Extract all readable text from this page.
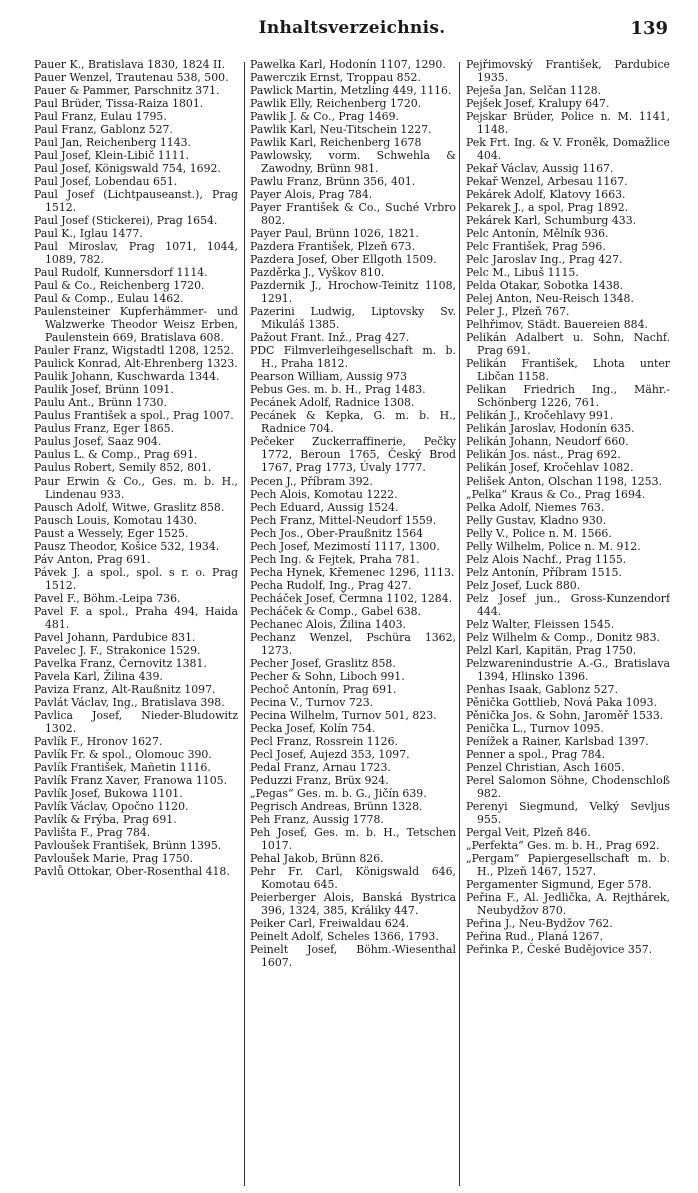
Inhaltsverzeichnis.	139

Pauer K., Bratislava 1830, 1824 II.

Pauer Wenzel, Trautenau 538, 500.

Pauer & Pammer, Parschnitz 371.

Paul Brüder, Tissa-Raiza 1801.

Paul Franz, Eulau 1795.

Paul Franz, Gablonz 527.

Paul Jan, Reichenberg 1143.

Paul Josef, Klein-Libič 1111.

Paul Josef, Königswald 754, 1692.

Paul Josef, Lobendau 651.

Paul Josef (Lichtpauseanst.), Prag 1512.

Paul Josef (Stickerei), Prag 1654.

Paul K., Iglau 1477.

Paul Miroslav, Prag 1071, 1044, 1089, 782.

Paul Rudolf, Kunnersdorf 1114.

Paul & Co., Reichenberg 1720.

Paul & Comp., Eulau 1462.

Paulensteiner Kupferhämmer- und Walzwerke Theodor Weisz Erben, Paulenstein 669, Bratislava 608.

Pauler Franz, Wigstadtl 1208, 1252.

Paulick Konrad, Alt-Ehrenberg 1323.

Paulik Johann, Kuschwarda 1344.

Paulik Josef, Brünn 1091.

Paulu Ant., Brünn 1730.

Paulus František a spol., Prag 1007.

Paulus Franz, Eger 1865.

Paulus Josef, Saaz 904.

Paulus L. & Comp., Prag 691.

Paulus Robert, Semily 852, 801.

Paur Erwin & Co., Ges. m. b. H., Lindenau 933.

Pausch Adolf, Witwe, Graslitz 858.

Pausch Louis, Komotau 1430.

Paust a Wessely, Eger 1525.

Pausz Theodor, Košice 532, 1934.

Páv Anton, Prag 691.

Pávek J. a spol., spol. s r. o. Prag 1512.

Pavel F., Böhm.-Leipa 736.

Pavel F. a spol., Praha 494, Haida 481.

Pavel Johann, Pardubice 831.

Pavelec J. F., Strakonice 1529.

Pavelka Franz, Černovitz 1381.

Pavela Karl, Žilina 439.

Paviza Franz, Alt-Raußnitz 1097.

Pavlát Václav, Ing., Bratislava 398.

Pavlica Josef, Nieder-Bludowitz 1302.

Pavlík F., Hronov 1627.

Pavlík Fr. & spol., Olomouc 390.

Pavlík František, Mañetin 1116.

Pavlík Franz Xaver, Franowa 1105.

Pavlík Josef, Bukowa 1101.

Pavlík Václav, Opočno 1120.

Pavlík & Frýba, Prag 691.

Pavlišta F., Prag 784.

Pavloušek František, Brünn 1395.

Pavloušek Marie, Prag 1750.

Pavlů Ottokar, Ober-Rosenthal 418.

Pawelka Karl, Hodonín 1107, 1290.

Pawerczik Ernst, Troppau 852.

Pawlick Martin, Metzling 449, 1116.

Pawlik Elly, Reichenberg 1720.

Pawlik J. & Co., Prag 1469.

Pawlik Karl, Neu-Titschein 1227.

Pawlik Karl, Reichenberg 1678

Pawlowsky, vorm. Schwehla & Zawodny, Brünn 981.

Pawlu Franz, Brünn 356, 401.

Payer Alois, Prag 784.

Payer František & Co., Suché Vrbro 802.

Payer Paul, Brünn 1026, 1821.

Pazdera František, Plzeň 673.

Pazdera Josef, Ober Ellgoth 1509.

Pazděrka J., Vyškov 810.

Pazdernik J., Hrochow-Teinitz 1108, 1291.

Pazerini Ludwig, Liptovsky Sv. Mikuláš 1385.

Pažout Frant. Inž., Prag 427.

PDC Filmverleihgesellschaft m. b. H., Praha 1812.

Pearson William, Aussig 973

Pebus Ges. m. b. H., Prag 1483.

Pecánek Adolf, Radnice 1308.

Pecánek & Kepka, G. m. b. H., Radnice 704.

Pečeker Zuckerraffinerie, Pečky 1772, Beroun 1765, Český Brod 1767, Prag 1773, Úvaly 1777.

Pecen J., Příbram 392.

Pech Alois, Komotau 1222.

Pech Eduard, Aussig 1524.

Pech Franz, Mittel-Neudorf 1559.

Pech Jos., Ober-Praußnitz 1564

Pech Josef, Mezimostí 1117, 1300.

Pech Ing. & Fejtek, Praha 781.

Pecha Hynek, Křemenec 1296, 1113.

Pecha Rudolf, Ing., Prag 427.

Pecháček Josef, Čermna 1102, 1284.

Pecháček & Comp., Gabel 638.

Pechanec Alois, Žilina 1403.

Pechanz Wenzel, Pschüra 1362, 1273.

Pecher Josef, Graslitz 858.

Pecher & Sohn, Liboch 991.

Pechoč Antonín, Prag 691.

Pecina V., Turnov 723.

Pecina Wilhelm, Turnov 501, 823.

Pecka Josef, Kolín 754.

Pecl Franz, Rossrein 1126.

Pecl Josef, Aujezd 353, 1097.

Pedal Franz, Arnau 1723.

Peduzzi Franz, Brüx 924.

„Pegas“ Ges. m. b. G., Jičín 639.

Pegrisch Andreas, Brünn 1328.

Peh Franz, Aussig 1778.

Peh Josef, Ges. m. b. H., Tetschen 1017.

Pehal Jakob, Brünn 826.

Pehr Fr. Carl, Königswald 646, Komotau 645.

Peierberger Alois, Banská Bystrica 396, 1324, 385, Králiky 447.

Peiker Carl, Freiwaldau 624.

Peinelt Adolf, Scheles 1366, 1793.

Peinelt Josef, Böhm.-Wiesenthal 1607.

Pejřimovský František, Pardubice 1935.

Peješa Jan, Selčan 1128.

Pejšek Josef, Kralupy 647.

Pejskar Brüder, Police n. M. 1141, 1148.

Pek Frt. Ing. & V. Froněk, Domažlice 404.

Pekař Václav, Aussig 1167.

Pekař Wenzel, Arbesau 1167.

Pekárek Adolf, Klatovy 1663.

Pekarek J., a spol, Prag 1892.

Pekárek Karl, Schumburg 433.

Pelc Antonín, Mělník 936.

Pelc František, Prag 596.

Pelc Jaroslav Ing., Prag 427.

Pelc M., Libuš 1115.

Pelda Otakar, Sobotka 1438.

Pelej Anton, Neu-Reisch 1348.

Peler J., Plzeň 767.

Pelhřimov, Städt. Bauereien 884.

Pelikán Adalbert u. Sohn, Nachf. Prag 691.

Pelikán František, Lhota unter Libčan 1158.

Pelikan Friedrich Ing., Mähr.-Schönberg 1226, 761.

Pelikán J., Kročehlavy 991.

Pelikán Jaroslav, Hodonín 635.

Pelikán Johann, Neudorf 660.

Pelikán Jos. nást., Prag 692.

Pelikán Josef, Kročehlav 1082.

Pelišek Anton, Olschan 1198, 1253.

„Pelka“ Kraus & Co., Prag 1694.

Pelka Adolf, Niemes 763.

Pelly Gustav, Kladno 930.

Pelly V., Police n. M. 1566.

Pelly Wilhelm, Police n. M. 912.

Pelz Alois Nachf., Prag 1155.

Pelz Antonín, Příbram 1515.

Pelz Josef, Luck 880.

Pelz Josef jun., Gross-Kunzendorf 444.

Pelz Walter, Fleissen 1545.

Pelz Wilhelm & Comp., Donitz 983.

Pelzl Karl, Kapitän, Prag 1750.

Pelzwarenindustrie A.-G., Bratislava 1394, Hlinsko 1396.

Penhas Isaak, Gablonz 527.

Pěnička Gottlieb, Nová Paka 1093.

Pěnička Jos. & Sohn, Jaroměř 1533.

Penička L., Turnov 1095.

Penížek a Rainer, Karlsbad 1397.

Penner a spol., Prag 784.

Penzel Christian, Asch 1605.

Perel Salomon Söhne, Chodenschloß 982.

Perenyi Siegmund, Velký Sevljus 955.

Pergal Veit, Plzeň 846.

„Perfekta“ Ges. m. b. H., Prag 692.

„Pergam“ Papiergesellschaft m. b. H., Plzeň 1467, 1527.

Pergamenter Sigmund, Eger 578.

Peřina F., Al. Jedlička, A. Rejthárek, Neubydžov 870.

Peřina J., Neu-Bydžov 762.

Peřina Rud., Planá 1267.

Peřinka P., České Budějovice 357.
